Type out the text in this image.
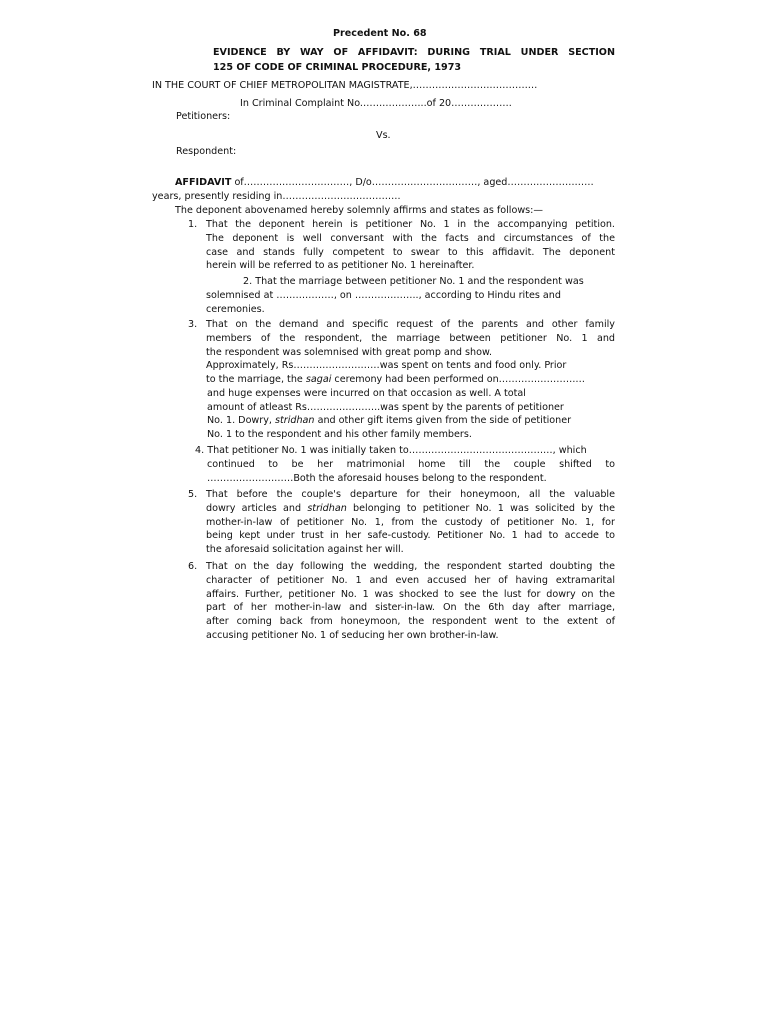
Precedent No. 68
EVIDENCE BY WAY OF AFFIDAVIT: DURING TRIAL UNDER SECTION
125 OF CODE OF CRIMINAL PROCEDURE, 1973
IN THE COURT OF CHIEF METROPOLITAN MAGISTRATE,…………………………………
In Criminal Complaint No.………………..of 20……………….
Petitioners:
Vs.
Respondent:
AFFIDAVIT of……………………………, D/o……………………………, aged………………………
years, presently residing in……………………………….
The deponent abovenamed hereby solemnly affirms and states as follows:—
1. That the deponent herein is petitioner No. 1 in the accompanying petition.
The deponent is well conversant with the facts and circumstances of the
case and stands fully competent to swear to this affidavit. The deponent
herein will be referred to as petitioner No. 1 hereinafter.
2. That the marriage between petitioner No. 1 and the respondent was
solemnised at ………………, on ……………….., according to Hindu rites and
ceremonies.
3. That on the demand and specific request of the parents and other family
members of the respondent, the marriage between petitioner No. 1 and
the respondent was solemnised with great pomp and show.
Approximately, Rs………………………was spent on tents and food only. Prior
to the marriage, the sagai ceremony had been performed on………………………
and huge expenses were incurred on that occasion as well. A total
amount of atleast Rs…………………..was spent by the parents of petitioner
No. 1. Dowry, stridhan and other gift items given from the side of petitioner
No. 1 to the respondent and his other family members.
4. That petitioner No. 1 was initially taken to………………………………………, which
continued to be her matrimonial home till the couple shifted to
………………………Both the aforesaid houses belong to the respondent.
5. That before the couple's departure for their honeymoon, all the valuable
dowry articles and stridhan belonging to petitioner No. 1 was solicited by the
mother-in-law of petitioner No. 1, from the custody of petitioner No. 1, for
being kept under trust in her safe-custody. Petitioner No. 1 had to accede to
the aforesaid solicitation against her will.
6. That on the day following the wedding, the respondent started doubting the
character of petitioner No. 1 and even accused her of having extramarital
affairs. Further, petitioner No. 1 was shocked to see the lust for dowry on the
part of her mother-in-law and sister-in-law. On the 6th day after marriage,
after coming back from honeymoon, the respondent went to the extent of
accusing petitioner No. 1 of seducing her own brother-in-law.
